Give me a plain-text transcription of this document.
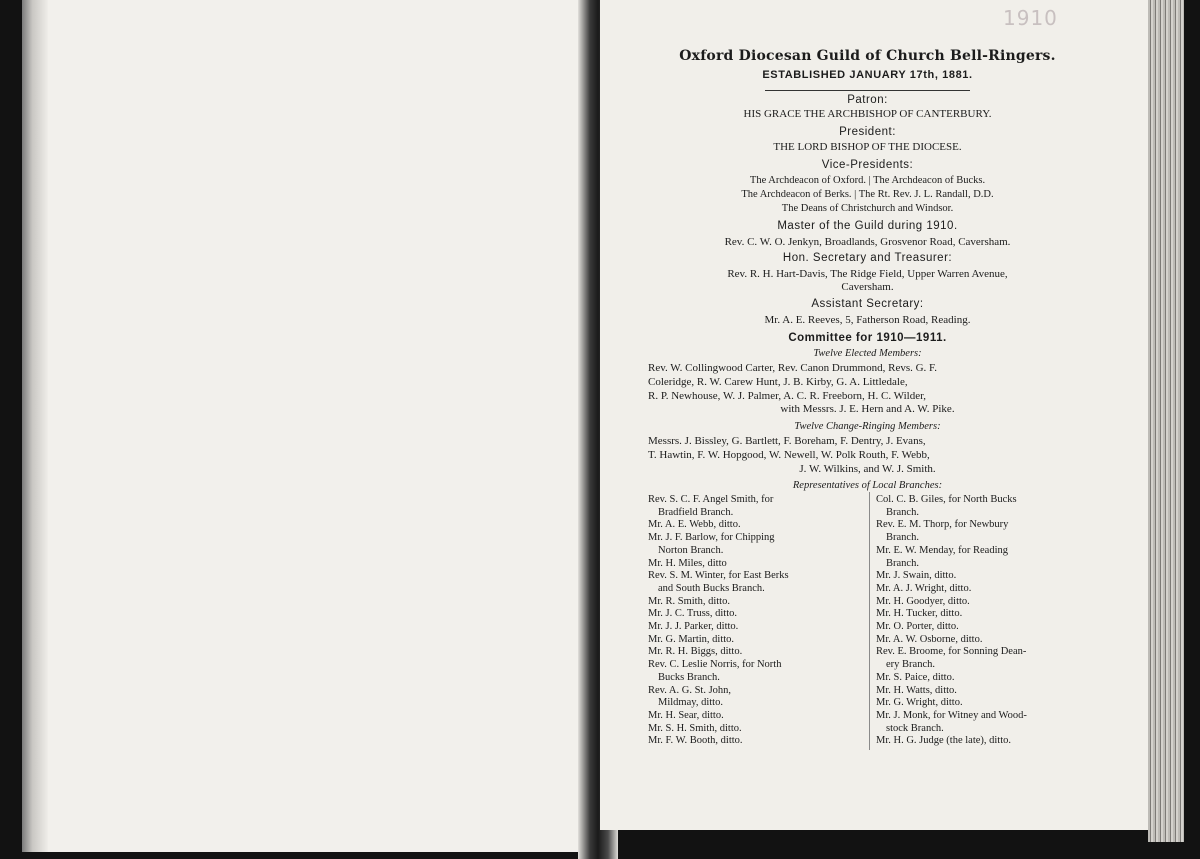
1910
Oxford Diocesan Guild of Church Bell-Ringers.
ESTABLISHED JANUARY 17th, 1881.
Patron:
HIS GRACE THE ARCHBISHOP OF CANTERBURY.
President:
THE LORD BISHOP OF THE DIOCESE.
Vice-Presidents:
The Archdeacon of Oxford. | The Archdeacon of Bucks.
The Archdeacon of Berks. | The Rt. Rev. J. L. Randall, D.D.
The Deans of Christchurch and Windsor.
Master of the Guild during 1910.
Rev. C. W. O. Jenkyn, Broadlands, Grosvenor Road, Caversham.
Hon. Secretary and Treasurer:
Rev. R. H. Hart-Davis, The Ridge Field, Upper Warren Avenue,
Caversham.
Assistant Secretary:
Mr. A. E. Reeves, 5, Fatherson Road, Reading.
Committee for 1910—1911.
Twelve Elected Members:
Rev. W. Collingwood Carter, Rev. Canon Drummond, Revs. G. F.
Coleridge, R. W. Carew Hunt, J. B. Kirby, G. A. Littledale,
R. P. Newhouse, W. J. Palmer, A. C. R. Freeborn, H. C. Wilder,
with Messrs. J. E. Hern and A. W. Pike.
Twelve Change-Ringing Members:
Messrs. J. Bissley, G. Bartlett, F. Boreham, F. Dentry, J. Evans,
T. Hawtin, F. W. Hopgood, W. Newell, W. Polk Routh, F. Webb,
J. W. Wilkins, and W. J. Smith.
Representatives of Local Branches:
Rev. S. C. F. Angel Smith, for
Bradfield Branch.
Mr. A. E. Webb, ditto.
Mr. J. F. Barlow, for Chipping
Norton Branch.
Mr. H. Miles, ditto
Rev. S. M. Winter, for East Berks
and South Bucks Branch.
Mr. R. Smith, ditto.
Mr. J. C. Truss, ditto.
Mr. J. J. Parker, ditto.
Mr. G. Martin, ditto.
Mr. R. H. Biggs, ditto.
Rev. C. Leslie Norris, for North
Bucks Branch.
Rev. A. G. St. John,
Mildmay, ditto.
Mr. H. Sear, ditto.
Mr. S. H. Smith, ditto.
Mr. F. W. Booth, ditto.
Col. C. B. Giles, for North Bucks
Branch.
Rev. E. M. Thorp, for Newbury
Branch.
Mr. E. W. Menday, for Reading
Branch.
Mr. J. Swain, ditto.
Mr. A. J. Wright, ditto.
Mr. H. Goodyer, ditto.
Mr. H. Tucker, ditto.
Mr. O. Porter, ditto.
Mr. A. W. Osborne, ditto.
Rev. E. Broome, for Sonning Dean-
ery Branch.
Mr. S. Paice, ditto.
Mr. H. Watts, ditto.
Mr. G. Wright, ditto.
Mr. J. Monk, for Witney and Wood-
stock Branch.
Mr. H. G. Judge (the late), ditto.
